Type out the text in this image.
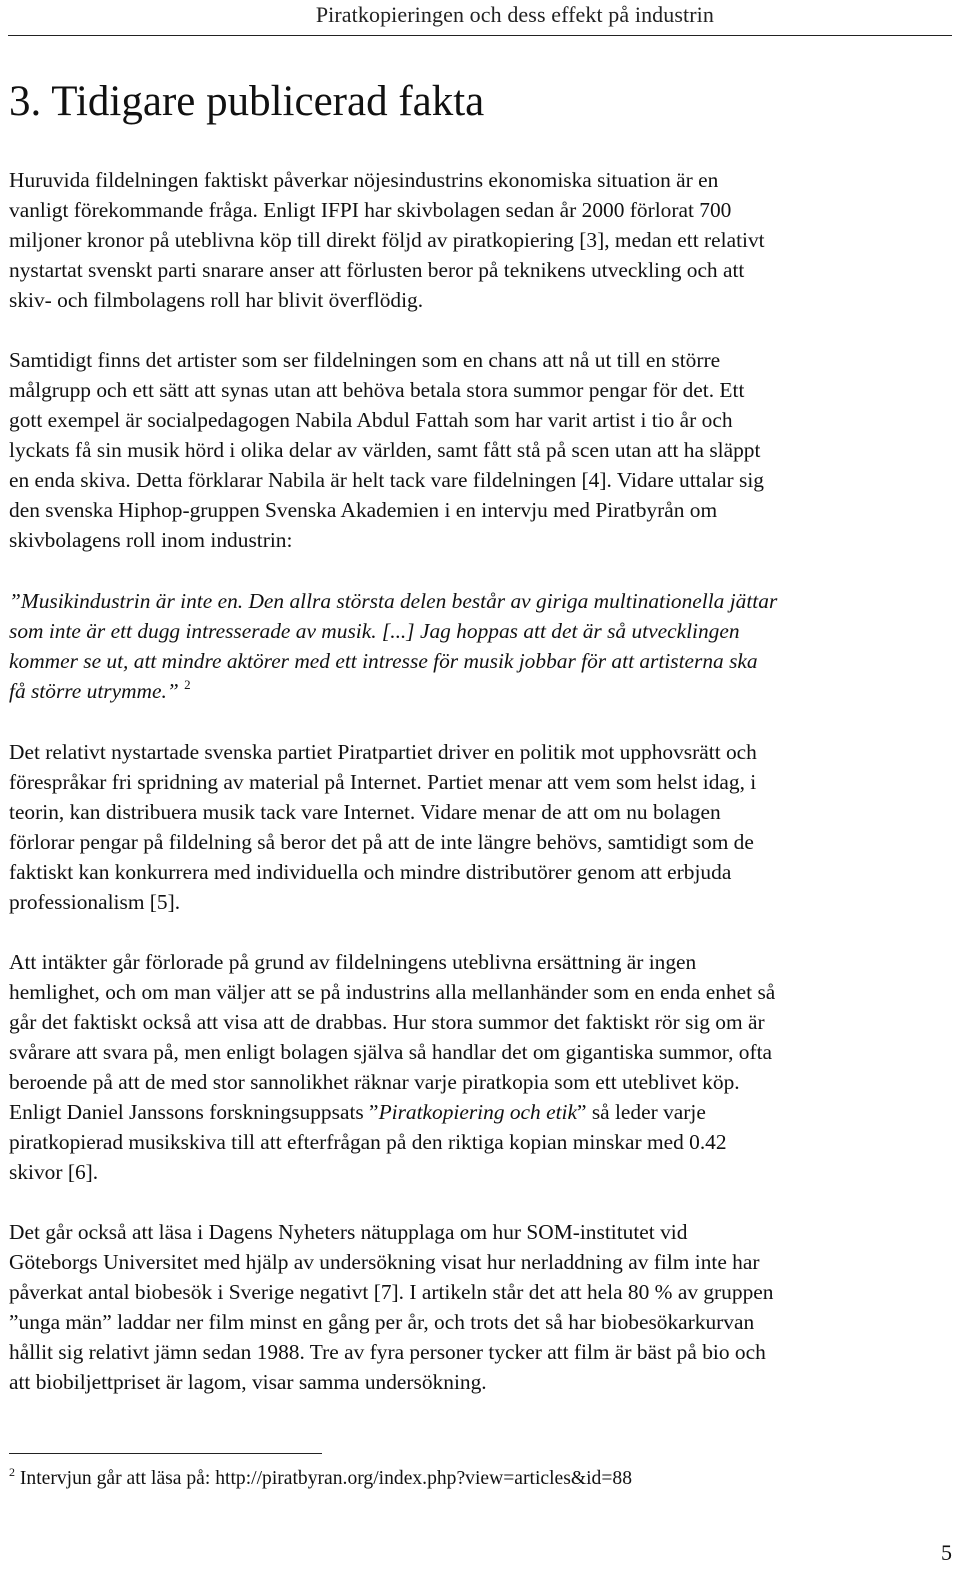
Piratkopieringen och dess effekt på industrin
3. Tidigare publicerad fakta

Huruvida fildelningen faktiskt påverkar nöjesindustrins ekonomiska situation är en
vanligt förekommande fråga. Enligt IFPI har skivbolagen sedan år 2000 förlorat 700
miljoner kronor på uteblivna köp till direkt följd av piratkopiering [3], medan ett relativt
nystartat svenskt parti snarare anser att förlusten beror på teknikens utveckling och att
skiv- och filmbolagens roll har blivit överflödig.

Samtidigt finns det artister som ser fildelningen som en chans att nå ut till en större
målgrupp och ett sätt att synas utan att behöva betala stora summor pengar för det. Ett
gott exempel är socialpedagogen Nabila Abdul Fattah som har varit artist i tio år och
lyckats få sin musik hörd i olika delar av världen, samt fått stå på scen utan att ha släppt
en enda skiva. Detta förklarar Nabila är helt tack vare fildelningen [4]. Vidare uttalar sig
den svenska Hiphop-gruppen Svenska Akademien i en intervju med Piratbyrån om
skivbolagens roll inom industrin:

”Musikindustrin är inte en. Den allra största delen består av giriga multinationella jättar
som inte är ett dugg intresserade av musik. [...] Jag hoppas att det är så utvecklingen
kommer se ut, att mindre aktörer med ett intresse för musik jobbar för att artisterna ska
få större utrymme.” $^2$

Det relativt nystartade svenska partiet Piratpartiet driver en politik mot upphovsrätt och
förespråkar fri spridning av material på Internet. Partiet menar att vem som helst idag, i
teorin, kan distribuera musik tack vare Internet. Vidare menar de att om nu bolagen
förlorar pengar på fildelning så beror det på att de inte längre behövs, samtidigt som de
faktiskt kan konkurrera med individuella och mindre distributörer genom att erbjuda
professionalism [5].

Att intäkter går förlorade på grund av fildelningens uteblivna ersättning är ingen
hemlighet, och om man väljer att se på industrins alla mellanhänder som en enda enhet så
går det faktiskt också att visa att de drabbas. Hur stora summor det faktiskt rör sig om är
svårare att svara på, men enligt bolagen själva så handlar det om gigantiska summor, ofta
beroende på att de med stor sannolikhet räknar varje piratkopia som ett uteblivet köp.
Enligt Daniel Janssons forskningsuppsats ”Piratkopiering och etik” så leder varje
piratkopierad musikskiva till att efterfrågan på den riktiga kopian minskar med 0.42
skivor [6].

Det går också att läsa i Dagens Nyheters nätupplaga om hur SOM-institutet vid
Göteborgs Universitet med hjälp av undersökning visat hur nerladdning av film inte har
påverkat antal biobesök i Sverige negativt [7]. I artikeln står det att hela 80 % av gruppen
”unga män” laddar ner film minst en gång per år, och trots det så har biobesökarkurvan
hållit sig relativt jämn sedan 1988. Tre av fyra personer tycker att film är bäst på bio och
att biobiljettpriset är lagom, visar samma undersökning.

$^2$ Intervjun går att läsa på: http://piratbyran.org/index.php?view=articles&id=88
5
